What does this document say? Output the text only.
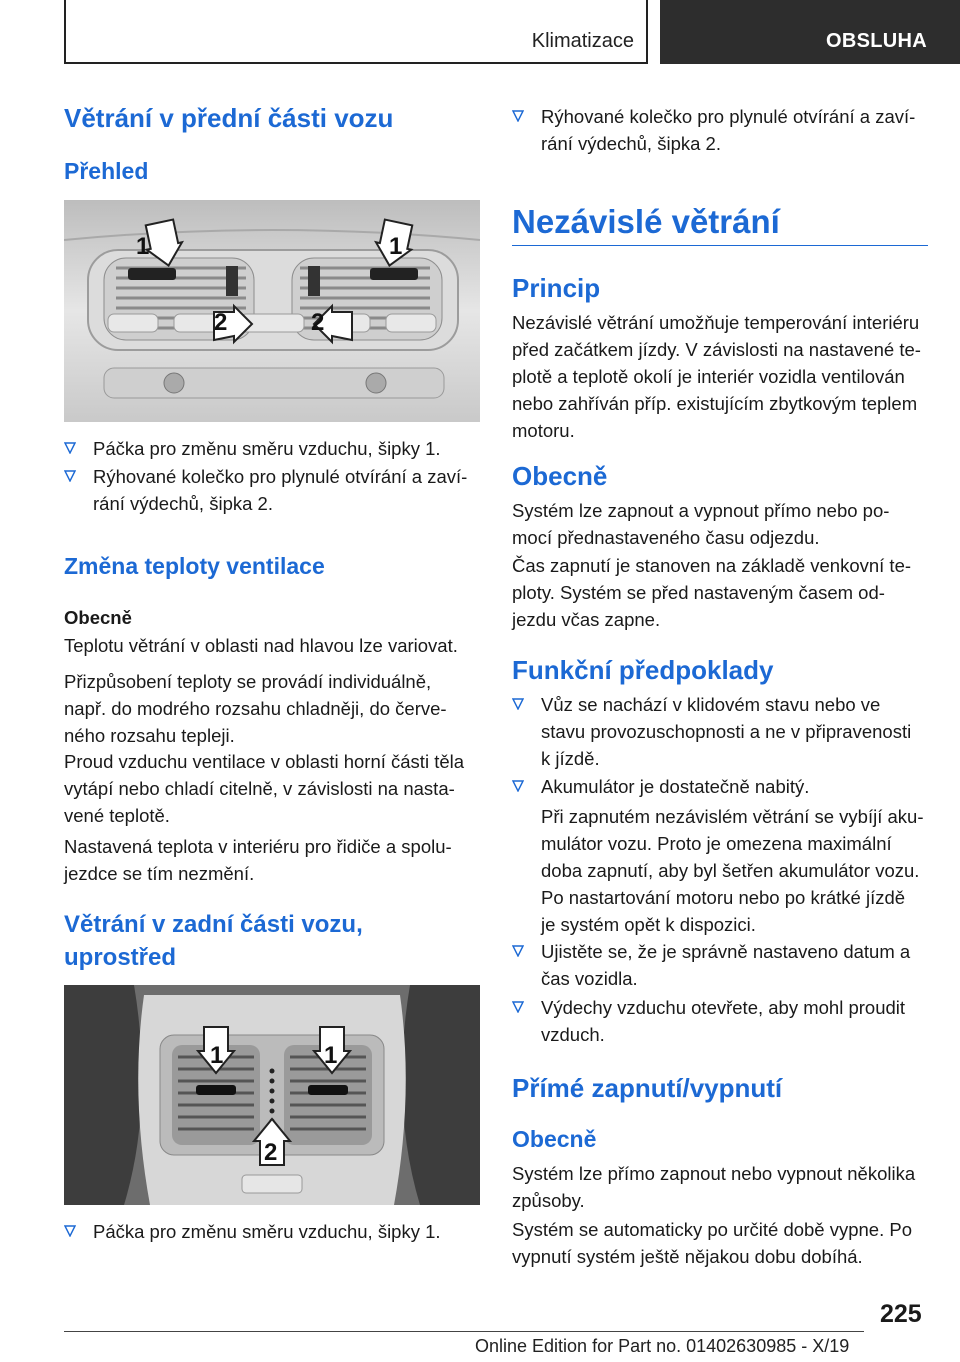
Klimatizace	OBSLUHA
Větrání v přední části vozu
Přehled
1	1
2	2
Páčka pro změnu směru vzduchu, šipky 1.
Rýhované kolečko pro plynulé otvírání a zaví-
rání výdechů, šipka 2.
Změna teploty ventilace
Obecně
Teplotu větrání v oblasti nad hlavou lze variovat.
Přizpůsobení teploty se provádí individuálně,
např. do modrého rozsahu chladněji, do červe-
ného rozsahu tepleji.
Proud vzduchu ventilace v oblasti horní části těla
vytápí nebo chladí citelně, v závislosti na nasta-
vené teplotě.
Nastavená teplota v interiéru pro řidiče a spolu-
jezdce se tím nezmění.
Větrání v zadní části vozu,
uprostřed
1	1
2
Páčka pro změnu směru vzduchu, šipky 1.
Rýhované kolečko pro plynulé otvírání a zaví-
rání výdechů, šipka 2.
Nezávislé větrání
Princip
Nezávislé větrání umožňuje temperování interiéru
před začátkem jízdy. V závislosti na nastavené te-
plotě a teplotě okolí je interiér vozidla ventilován
nebo zahříván příp. existujícím zbytkovým teplem
motoru.
Obecně
Systém lze zapnout a vypnout přímo nebo po-
mocí přednastaveného času odjezdu.
Čas zapnutí je stanoven na základě venkovní te-
ploty. Systém se před nastaveným časem od-
jezdu včas zapne.
Funkční předpoklady
Vůz se nachází v klidovém stavu nebo ve
stavu provozuschopnosti a ne v připravenosti
k jízdě.
Akumulátor je dostatečně nabitý.
Při zapnutém nezávislém větrání se vybíjí aku-
mulátor vozu. Proto je omezena maximální
doba zapnutí, aby byl šetřen akumulátor vozu.
Po nastartování motoru nebo po krátké jízdě
je systém opět k dispozici.
Ujistěte se, že je správně nastaveno datum a
čas vozidla.
Výdechy vzduchu otevřete, aby mohl proudit
vzduch.
Přímé zapnutí/vypnutí
Obecně
Systém lze přímo zapnout nebo vypnout několika
způsoby.
Systém se automaticky po určité době vypne. Po
vypnutí systém ještě nějakou dobu dobíhá.
225
Online Edition for Part no. 01402630985 - X/19
